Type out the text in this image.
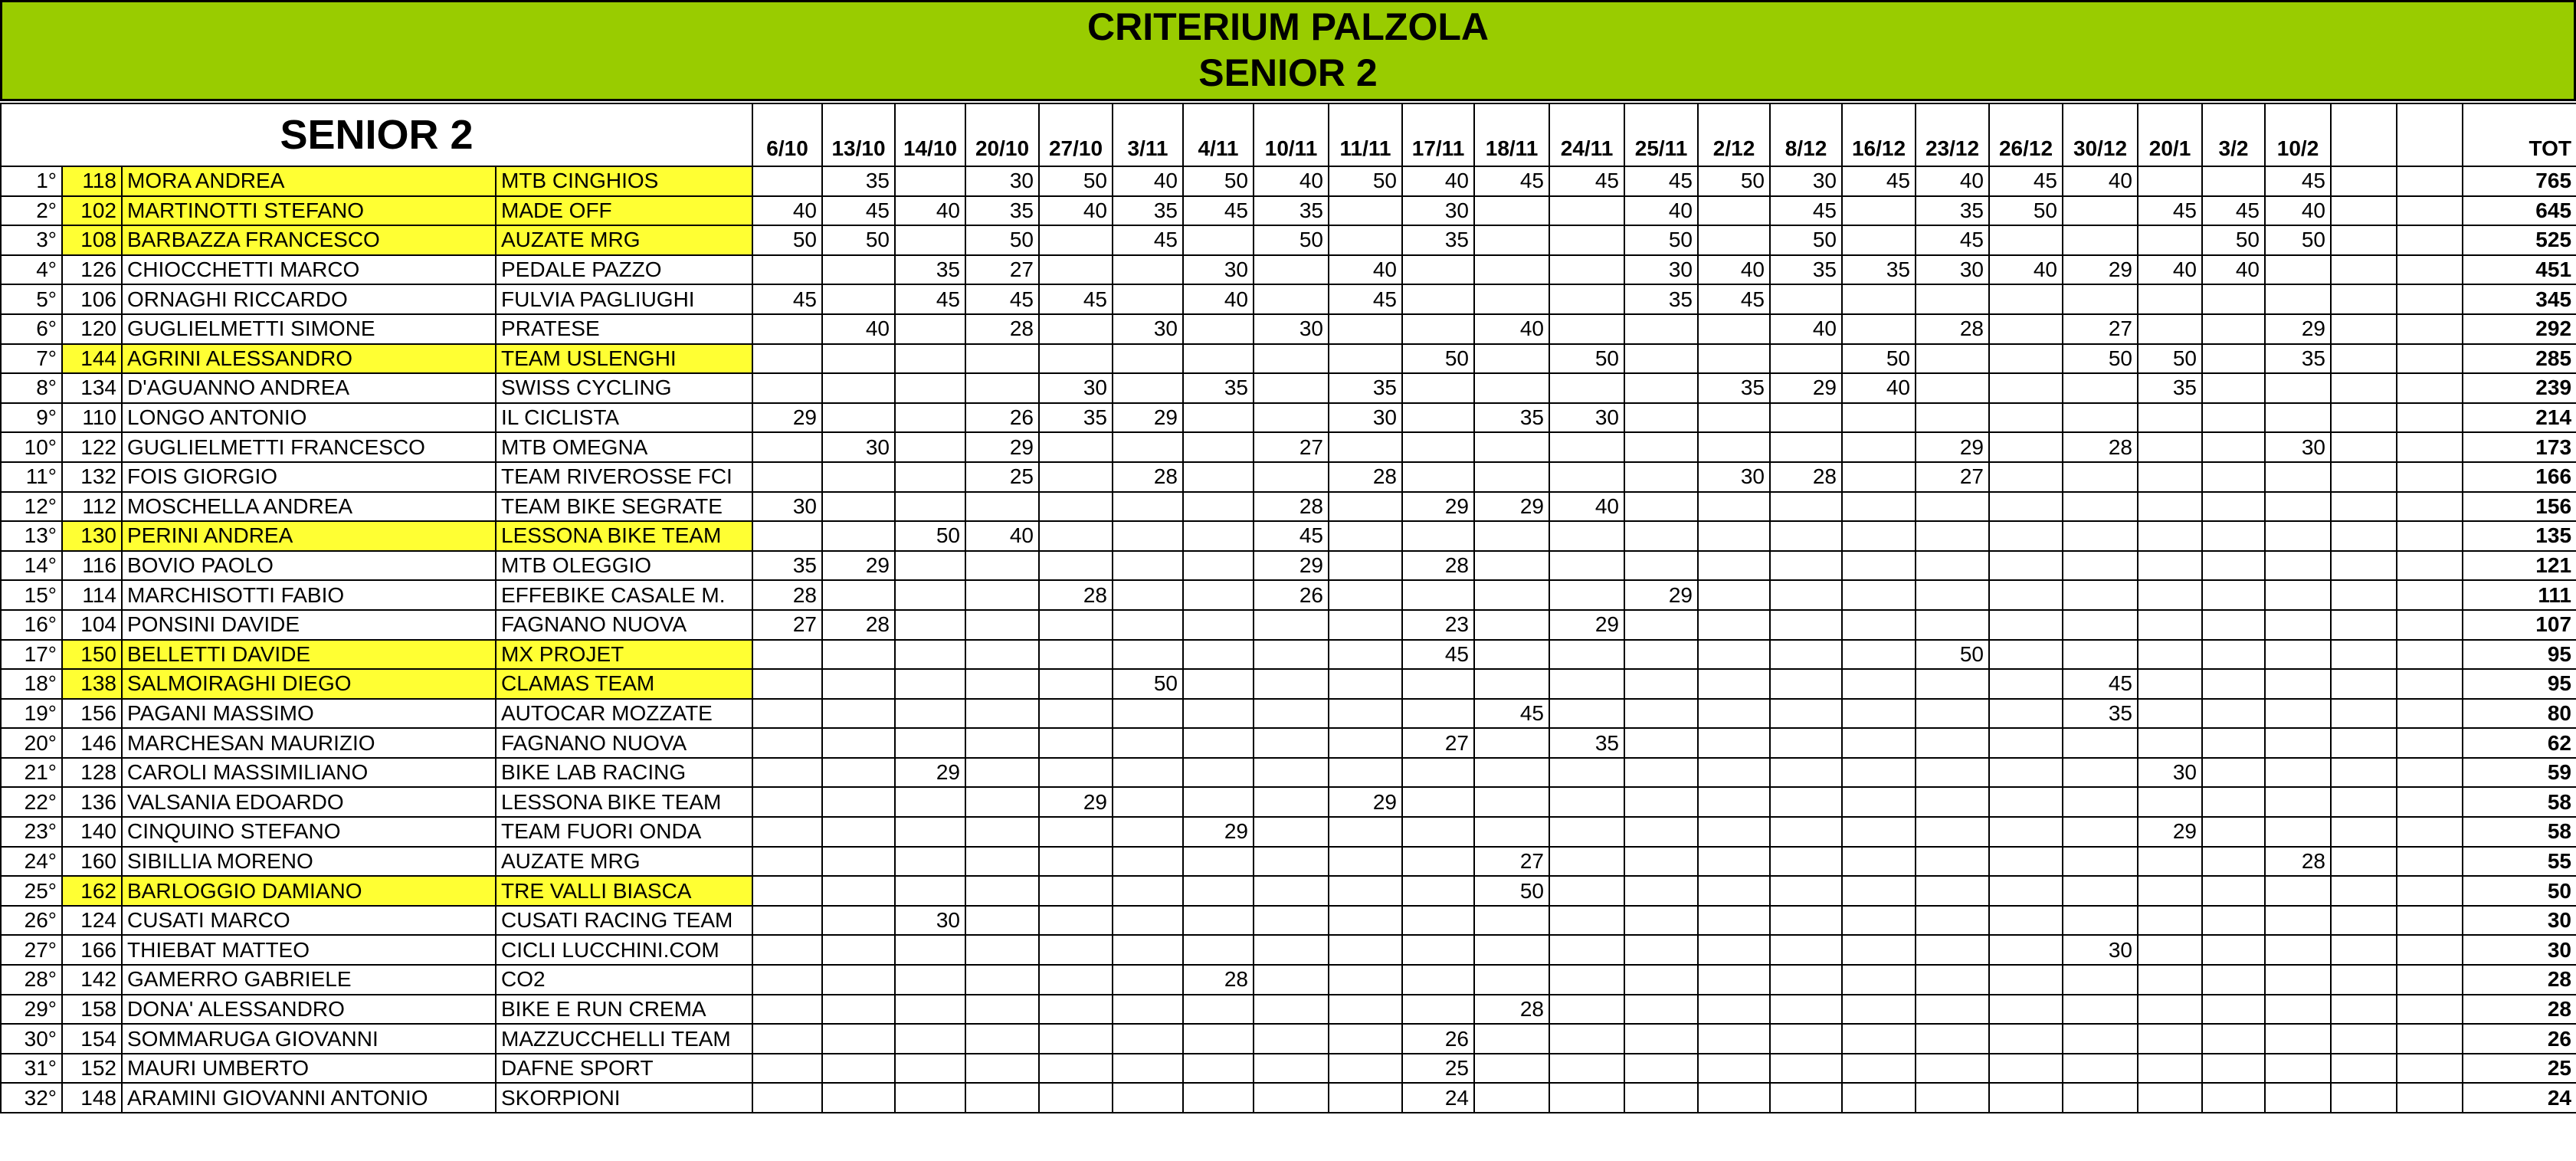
CRITERIUM PALZOLA
SENIOR 2
SENIOR 2				6/10	13/10	14/10	20/10	27/10	3/11	4/11	10/11	11/11	17/11	18/11	24/11	25/11	2/12	8/12	16/12	23/12	26/12	30/12	20/1	3/2	10/2			TOT
1°	118	MORA ANDREA	MTB CINGHIOS		35		30	50	40	50	40	50	40	45	45	45	50	30	45	40	45	40			45			765
2°	102	MARTINOTTI STEFANO	MADE OFF	40	45	40	35	40	35	45	35		30			40		45		35	50		45	45	40			645
3°	108	BARBAZZA FRANCESCO	AUZATE MRG	50	50		50		45		50		35			50		50		45				50	50			525
4°	126	CHIOCCHETTI MARCO	PEDALE PAZZO			35	27			30		40				30	40	35	35	30	40	29	40	40				451
5°	106	ORNAGHI RICCARDO	FULVIA PAGLIUGHI	45		45	45	45		40		45				35	45											345
6°	120	GUGLIELMETTI SIMONE	PRATESE		40		28		30		30			40				40		28		27			29			292
7°	144	AGRINI ALESSANDRO	TEAM USLENGHI										50		50				50			50	50		35			285
8°	134	D'AGUANNO ANDREA	SWISS CYCLING					30		35		35					35	29	40				35					239
9°	110	LONGO ANTONIO	IL CICLISTA	29			26	35	29			30		35	30													214
10°	122	GUGLIELMETTI FRANCESCO	MTB OMEGNA		30		29				27									29		28			30			173
11°	132	FOIS GIORGIO	TEAM RIVEROSSE FCI				25		28			28					30	28		27								166
12°	112	MOSCHELLA ANDREA	TEAM BIKE SEGRATE	30							28		29	29	40													156
13°	130	PERINI ANDREA	LESSONA BIKE TEAM			50	40				45																	135
14°	116	BOVIO PAOLO	MTB OLEGGIO	35	29						29		28															121
15°	114	MARCHISOTTI FABIO	EFFEBIKE CASALE M.	28				28			26					29												111
16°	104	PONSINI DAVIDE	FAGNANO NUOVA	27	28								23		29													107
17°	150	BELLETTI DAVIDE	MX PROJET										45							50								95
18°	138	SALMOIRAGHI DIEGO	CLAMAS TEAM						50													45						95
19°	156	PAGANI MASSIMO	AUTOCAR MOZZATE											45								35						80
20°	146	MARCHESAN MAURIZIO	FAGNANO NUOVA										27		35													62
21°	128	CAROLI MASSIMILIANO	BIKE LAB RACING			29																	30					59
22°	136	VALSANIA EDOARDO	LESSONA BIKE TEAM					29				29																58
23°	140	CINQUINO STEFANO	TEAM FUORI ONDA							29													29					58
24°	160	SIBILLIA MORENO	AUZATE MRG											27											28			55
25°	162	BARLOGGIO DAMIANO	TRE VALLI BIASCA											50														50
26°	124	CUSATI MARCO	CUSATI RACING TEAM			30																						30
27°	166	THIEBAT MATTEO	CICLI LUCCHINI.COM																			30						30
28°	142	GAMERRO GABRIELE	CO2							28																		28
29°	158	DONA' ALESSANDRO	BIKE E RUN CREMA											28														28
30°	154	SOMMARUGA GIOVANNI	MAZZUCCHELLI TEAM										26															26
31°	152	MAURI UMBERTO	DAFNE SPORT										25															25
32°	148	ARAMINI GIOVANNI ANTONIO	SKORPIONI										24															24
